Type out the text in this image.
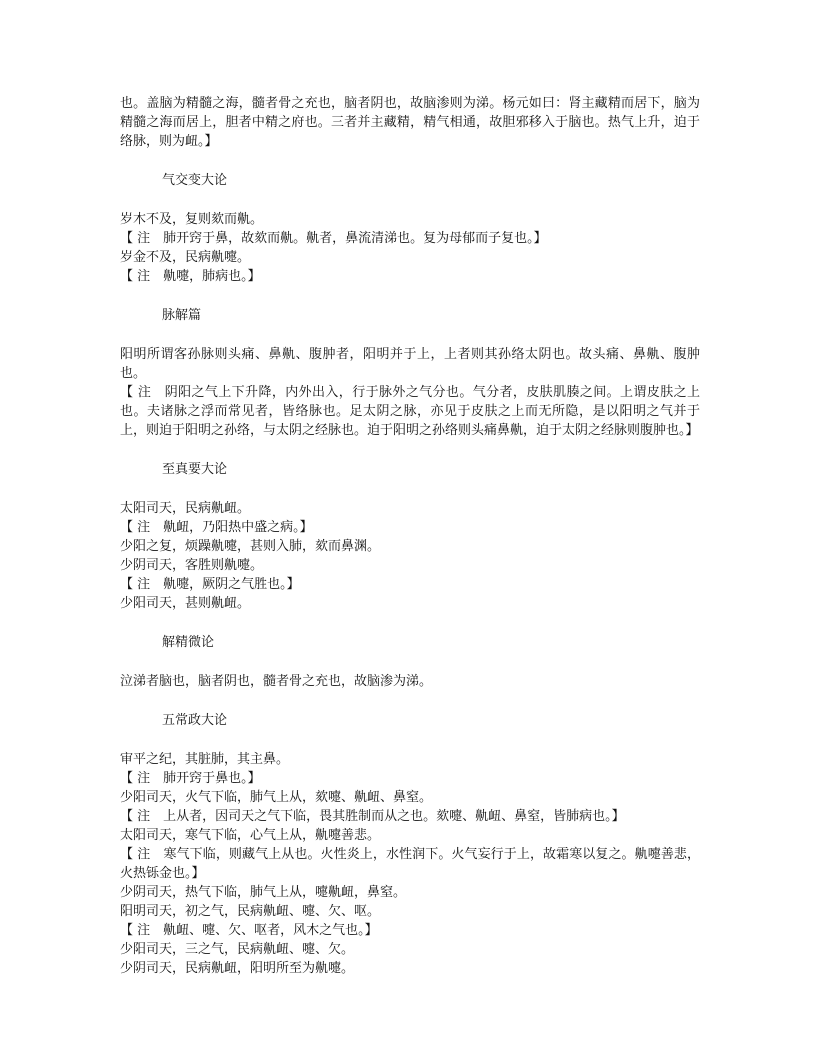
也。盖脑为精髓之海，髓者骨之充也，脑者阴也，故脑渗则为涕。杨元如曰：肾主藏精而居下，脑为精髓之海而居上，胆者中精之府也。三者并主藏精，精气相通，故胆邪移入于脑也。热气上升，迫于络脉，则为衄。】

气交变大论

岁木不及，复则欬而鼽。

【 注　肺开窍于鼻，故欬而鼽。鼽者，鼻流清涕也。复为母郁而子复也。】

岁金不及，民病鼽嚏。

【 注　鼽嚏，肺病也。】

脉解篇

阳明所谓客孙脉则头痛、鼻鼽、腹肿者，阳明并于上，上者则其孙络太阴也。故头痛、鼻鼽、腹肿也。

【 注　阴阳之气上下升降，内外出入，行于脉外之气分也。气分者，皮肤肌腠之间。上谓皮肤之上也。夫诸脉之浮而常见者，皆络脉也。足太阴之脉，亦见于皮肤之上而无所隐，是以阳明之气并于上，则迫于阳明之孙络，与太阴之经脉也。迫于阳明之孙络则头痛鼻鼽，迫于太阴之经脉则腹肿也。】

至真要大论

太阳司天，民病鼽衄。

【 注　鼽衄，乃阳热中盛之病。】

少阳之复，烦躁鼽嚏，甚则入肺，欬而鼻渊。

少阴司天，客胜则鼽嚏。

【 注　鼽嚏，厥阴之气胜也。】

少阳司天，甚则鼽衄。

解精微论

泣涕者脑也，脑者阴也，髓者骨之充也，故脑渗为涕。

五常政大论

审平之纪，其脏肺，其主鼻。

【 注　肺开窍于鼻也。】

少阳司天，火气下临，肺气上从，欬嚏、鼽衄、鼻窒。

【 注　上从者，因司天之气下临，畏其胜制而从之也。欬嚏、鼽衄、鼻窒，皆肺病也。】

太阳司天，寒气下临，心气上从，鼽嚏善悲。

【 注　寒气下临，则藏气上从也。火性炎上，水性润下。火气妄行于上，故霜寒以复之。鼽嚏善悲，火热铄金也。】

少阴司天，热气下临，肺气上从，嚏鼽衄，鼻窒。

阳明司天，初之气，民病鼽衄、嚏、欠、呕。

【 注　鼽衄、嚏、欠、呕者，风木之气也。】

少阳司天，三之气，民病鼽衄、嚏、欠。

少阴司天，民病鼽衄，阳明所至为鼽嚏。
